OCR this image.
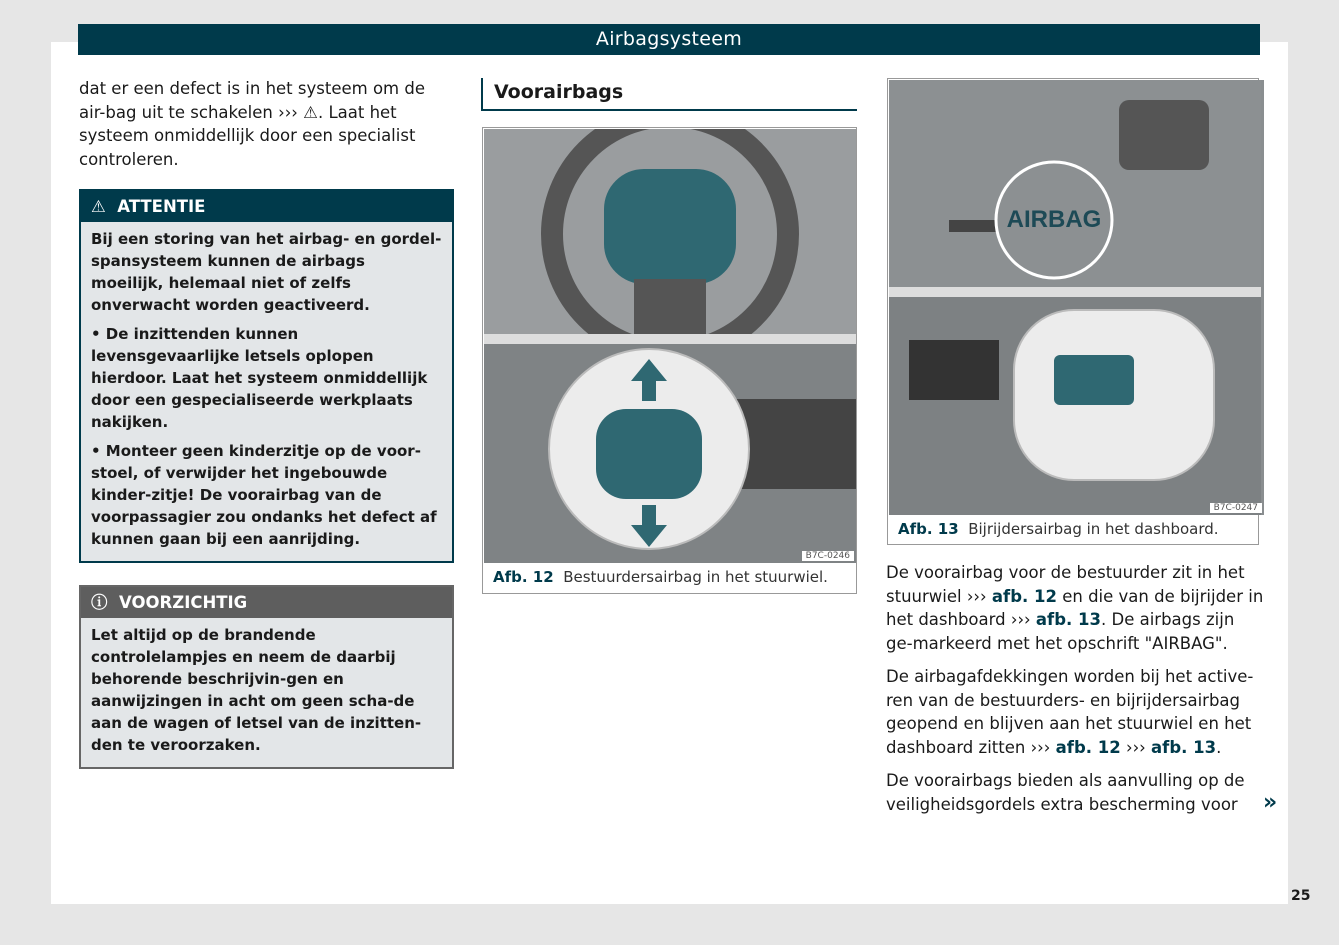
Airbagsysteem

dat er een defect is in het systeem om de air-bag uit te schakelen ››› ⚠. Laat het systeem onmiddellijk door een specialist controleren.

⚠ ATTENTIE

Bij een storing van het airbag- en gordel-spansysteem kunnen de airbags moeilijk, helemaal niet of zelfs onverwacht worden geactiveerd.

• De inzittenden kunnen levensgevaarlijke letsels oplopen hierdoor. Laat het systeem onmiddellijk door een gespecialiseerde werkplaats nakijken.

• Monteer geen kinderzitje op de voor-stoel, of verwijder het ingebouwde kinder-zitje! De voorairbag van de voorpassagier zou ondanks het defect af kunnen gaan bij een aanrijding.

ⓘ VOORZICHTIG

Let altijd op de brandende controlelampjes en neem de daarbij behorende beschrijvin-gen en aanwijzingen in acht om geen scha-de aan de wagen of letsel van de inzitten-den te veroorzaken.

Voorairbags
B7C-0246
Afb. 12 Bestuurdersairbag in het stuurwiel.
AIRBAG
B7C-0247
Afb. 13 Bijrijdersairbag in het dashboard.

De voorairbag voor de bestuurder zit in het stuurwiel ››› afb. 12 en die van de bijrijder in het dashboard ››› afb. 13. De airbags zijn ge-markeerd met het opschrift "AIRBAG".

De airbagafdekkingen worden bij het active-ren van de bestuurders- en bijrijdersairbag geopend en blijven aan het stuurwiel en het dashboard zitten ››› afb. 12 ››› afb. 13.

De voorairbags bieden als aanvulling op de veiligheidsgordels extra bescherming voor	»
25
